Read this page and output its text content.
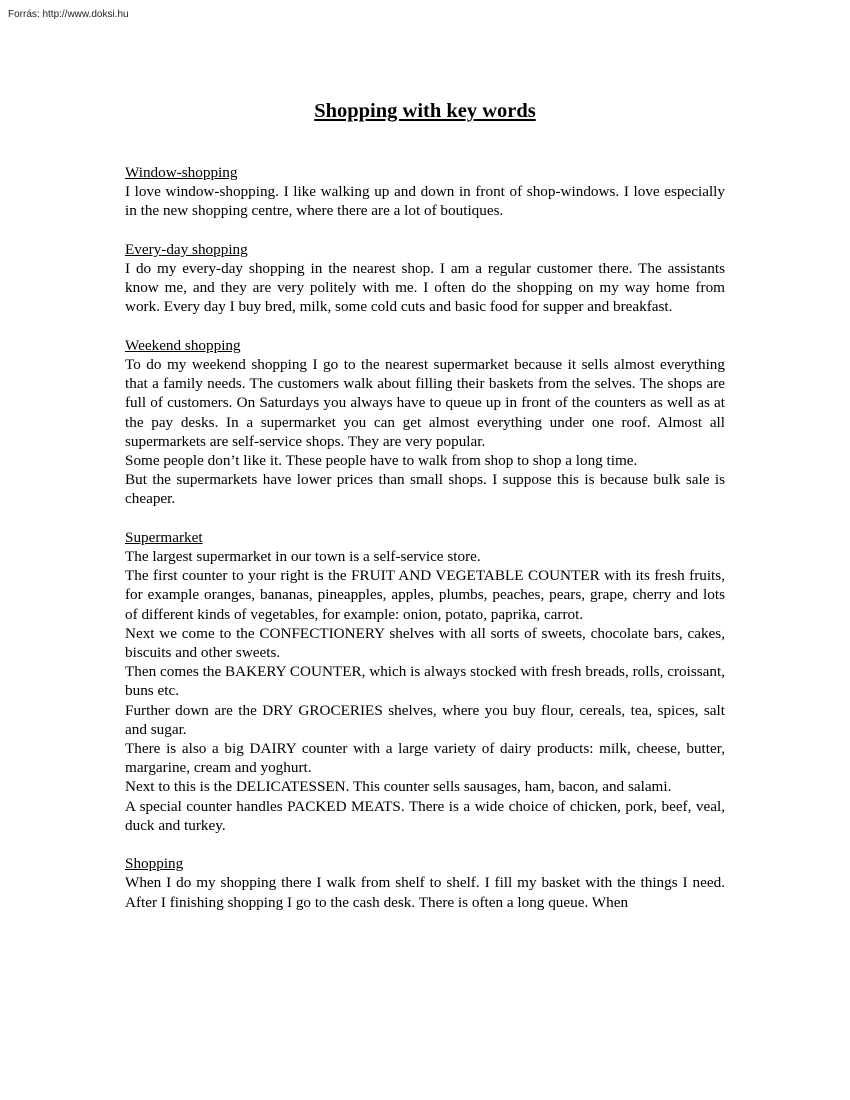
Forrás: http://www.doksi.hu
Shopping with key words
Window-shopping

I love window-shopping. I like walking up and down in front of shop-windows. I love especially in the new shopping centre, where there are a lot of boutiques.

Every-day shopping

I do my every-day shopping in the nearest shop. I am a regular customer there. The assistants know me, and they are very politely with me. I often do the shopping on my way home from work. Every day I buy bred, milk, some cold cuts and basic food for supper and breakfast.

Weekend shopping

To do my weekend shopping I go to the nearest supermarket because it sells almost everything that a family needs. The customers walk about filling their baskets from the selves. The shops are full of customers. On Saturdays you always have to queue up in front of the counters as well as at the pay desks. In a supermarket you can get almost everything under one roof. Almost all supermarkets are self-service shops. They are very popular.

Some people don’t like it. These people have to walk from shop to shop a long time.

But the supermarkets have lower prices than small shops. I suppose this is because bulk sale is cheaper.

Supermarket

The largest supermarket in our town is a self-service store.

The first counter to your right is the FRUIT AND VEGETABLE COUNTER with its fresh fruits, for example oranges, bananas, pineapples, apples, plumbs, peaches, pears, grape, cherry and lots of different kinds of vegetables, for example: onion, potato, paprika, carrot.

Next we come to the CONFECTIONERY shelves with all sorts of sweets, chocolate bars, cakes, biscuits and other sweets.

Then comes the BAKERY COUNTER, which is always stocked with fresh breads, rolls, croissant, buns etc.

Further down are the DRY GROCERIES shelves, where you buy flour, cereals, tea, spices, salt and sugar.

There is also a big DAIRY counter with a large variety of dairy products: milk, cheese, butter, margarine, cream and yoghurt.

Next to this is the DELICATESSEN. This counter sells sausages, ham, bacon, and salami.

A special counter handles PACKED MEATS. There is a wide choice of chicken, pork, beef, veal, duck and turkey.

Shopping

When I do my shopping there I walk from shelf to shelf. I fill my basket with the things I need. After I finishing shopping I go to the cash desk. There is often a long queue. When
